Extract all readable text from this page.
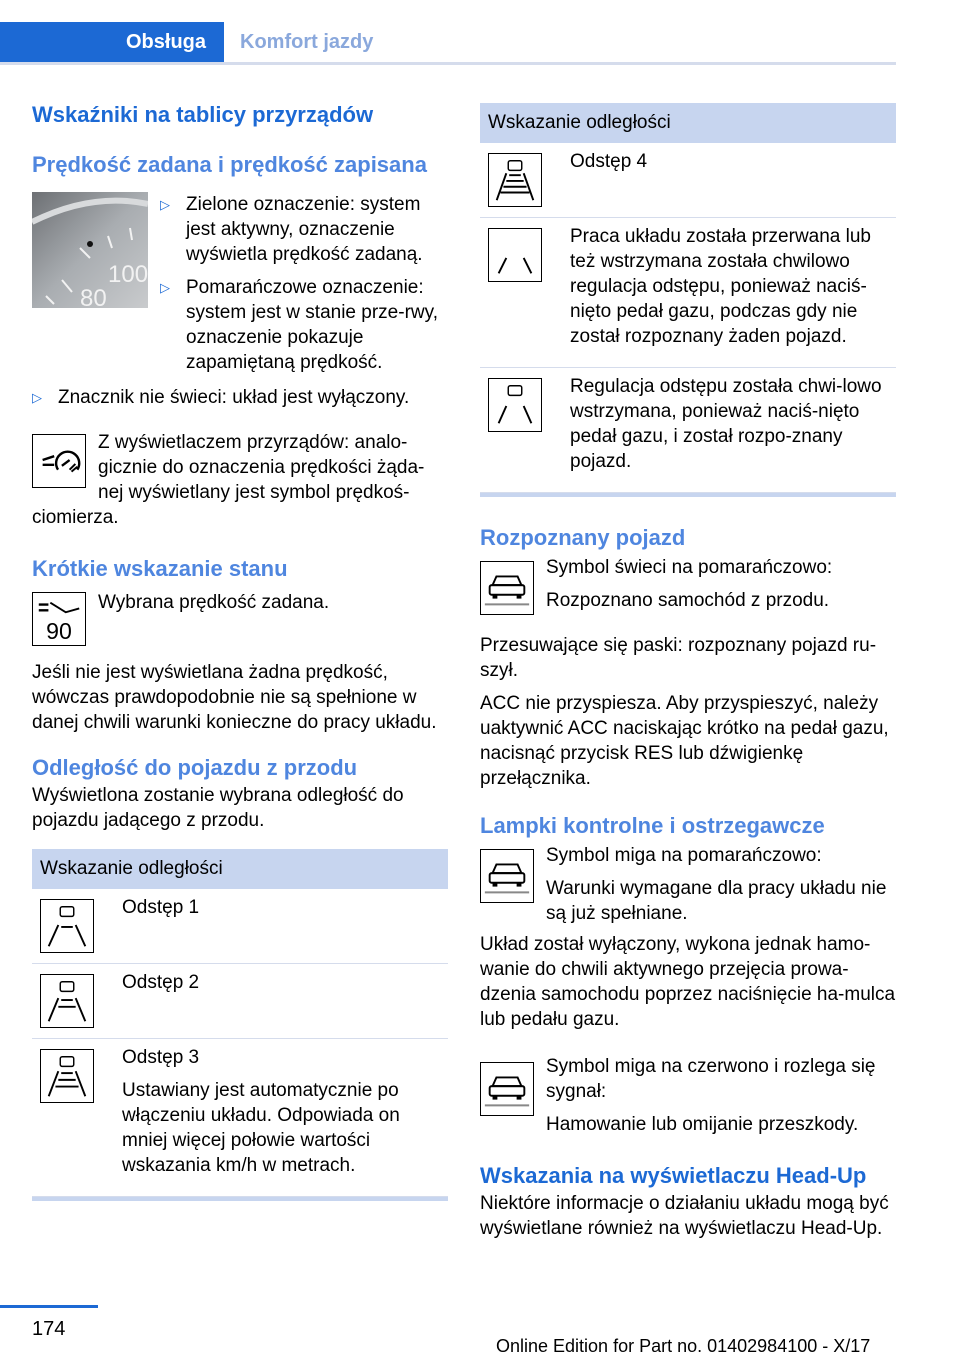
Obsługa	Komfort jazdy
Wskaźniki na tablicy przyrządów
Prędkość zadana i prędkość zapisana
100
80
▷ Zielone oznaczenie: system jest aktywny, oznaczenie wyświetla prędkość zadaną.
▷ Pomarańczowe oznaczenie: system jest w stanie prze‐rwy, oznaczenie pokazuje zapamiętaną prędkość.
▷ Znacznik nie świeci: układ jest wyłączony.

Z wyświetlaczem przyrządów: analo‐gicznie do oznaczenia prędkości żąda‐nej wyświetlany jest symbol prędkoś‐ciomierza.

Krótkie wskazanie stanu
90

Wybrana prędkość zadana.

Jeśli nie jest wyświetlana żadna prędkość, wówczas prawdopodobnie nie są spełnione w danej chwili warunki konieczne do pracy układu.

Odległość do pojazdu z przodu

Wyświetlona zostanie wybrana odległość do pojazdu jadącego z przodu.

Wskazanie odległości

Odstęp 1

Odstęp 2

Odstęp 3

Ustawiany jest automatycznie po włączeniu układu. Odpowiada on mniej więcej połowie wartości wskazania km/h w metrach.

Wskazanie odległości

Odstęp 4

Praca układu została przerwana lub też wstrzymana została chwilowo regulacja odstępu, ponieważ naciś‐nięto pedał gazu, podczas gdy nie został rozpoznany żaden pojazd.

Regulacja odstępu została chwi‐lowo wstrzymana, ponieważ naciś‐nięto pedał gazu, i został rozpo‐znany pojazd.

Rozpoznany pojazd

Symbol świeci na pomarańczowo:

Rozpoznano samochód z przodu.

Przesuwające się paski: rozpoznany pojazd ru‐szył.

ACC nie przyspiesza. Aby przyspieszyć, należy uaktywnić ACC naciskając krótko na pedał gazu, nacisnąć przycisk RES lub dźwigienkę przełącznika.

Lampki kontrolne i ostrzegawcze

Symbol miga na pomarańczowo:

Warunki wymagane dla pracy układu nie są już spełniane.

Układ został wyłączony, wykona jednak hamo‐wanie do chwili aktywnego przejęcia prowa‐dzenia samochodu poprzez naciśnięcie ha‐mulca lub pedału gazu.

Symbol miga na czerwono i rozlega się sygnał:

Hamowanie lub omijanie przeszkody.

Wskazania na wyświetlaczu Head-Up

Niektóre informacje o działaniu układu mogą być wyświetlane również na wyświetlaczu Head-Up.

174
Online Edition for Part no. 01402984100 - X/17
